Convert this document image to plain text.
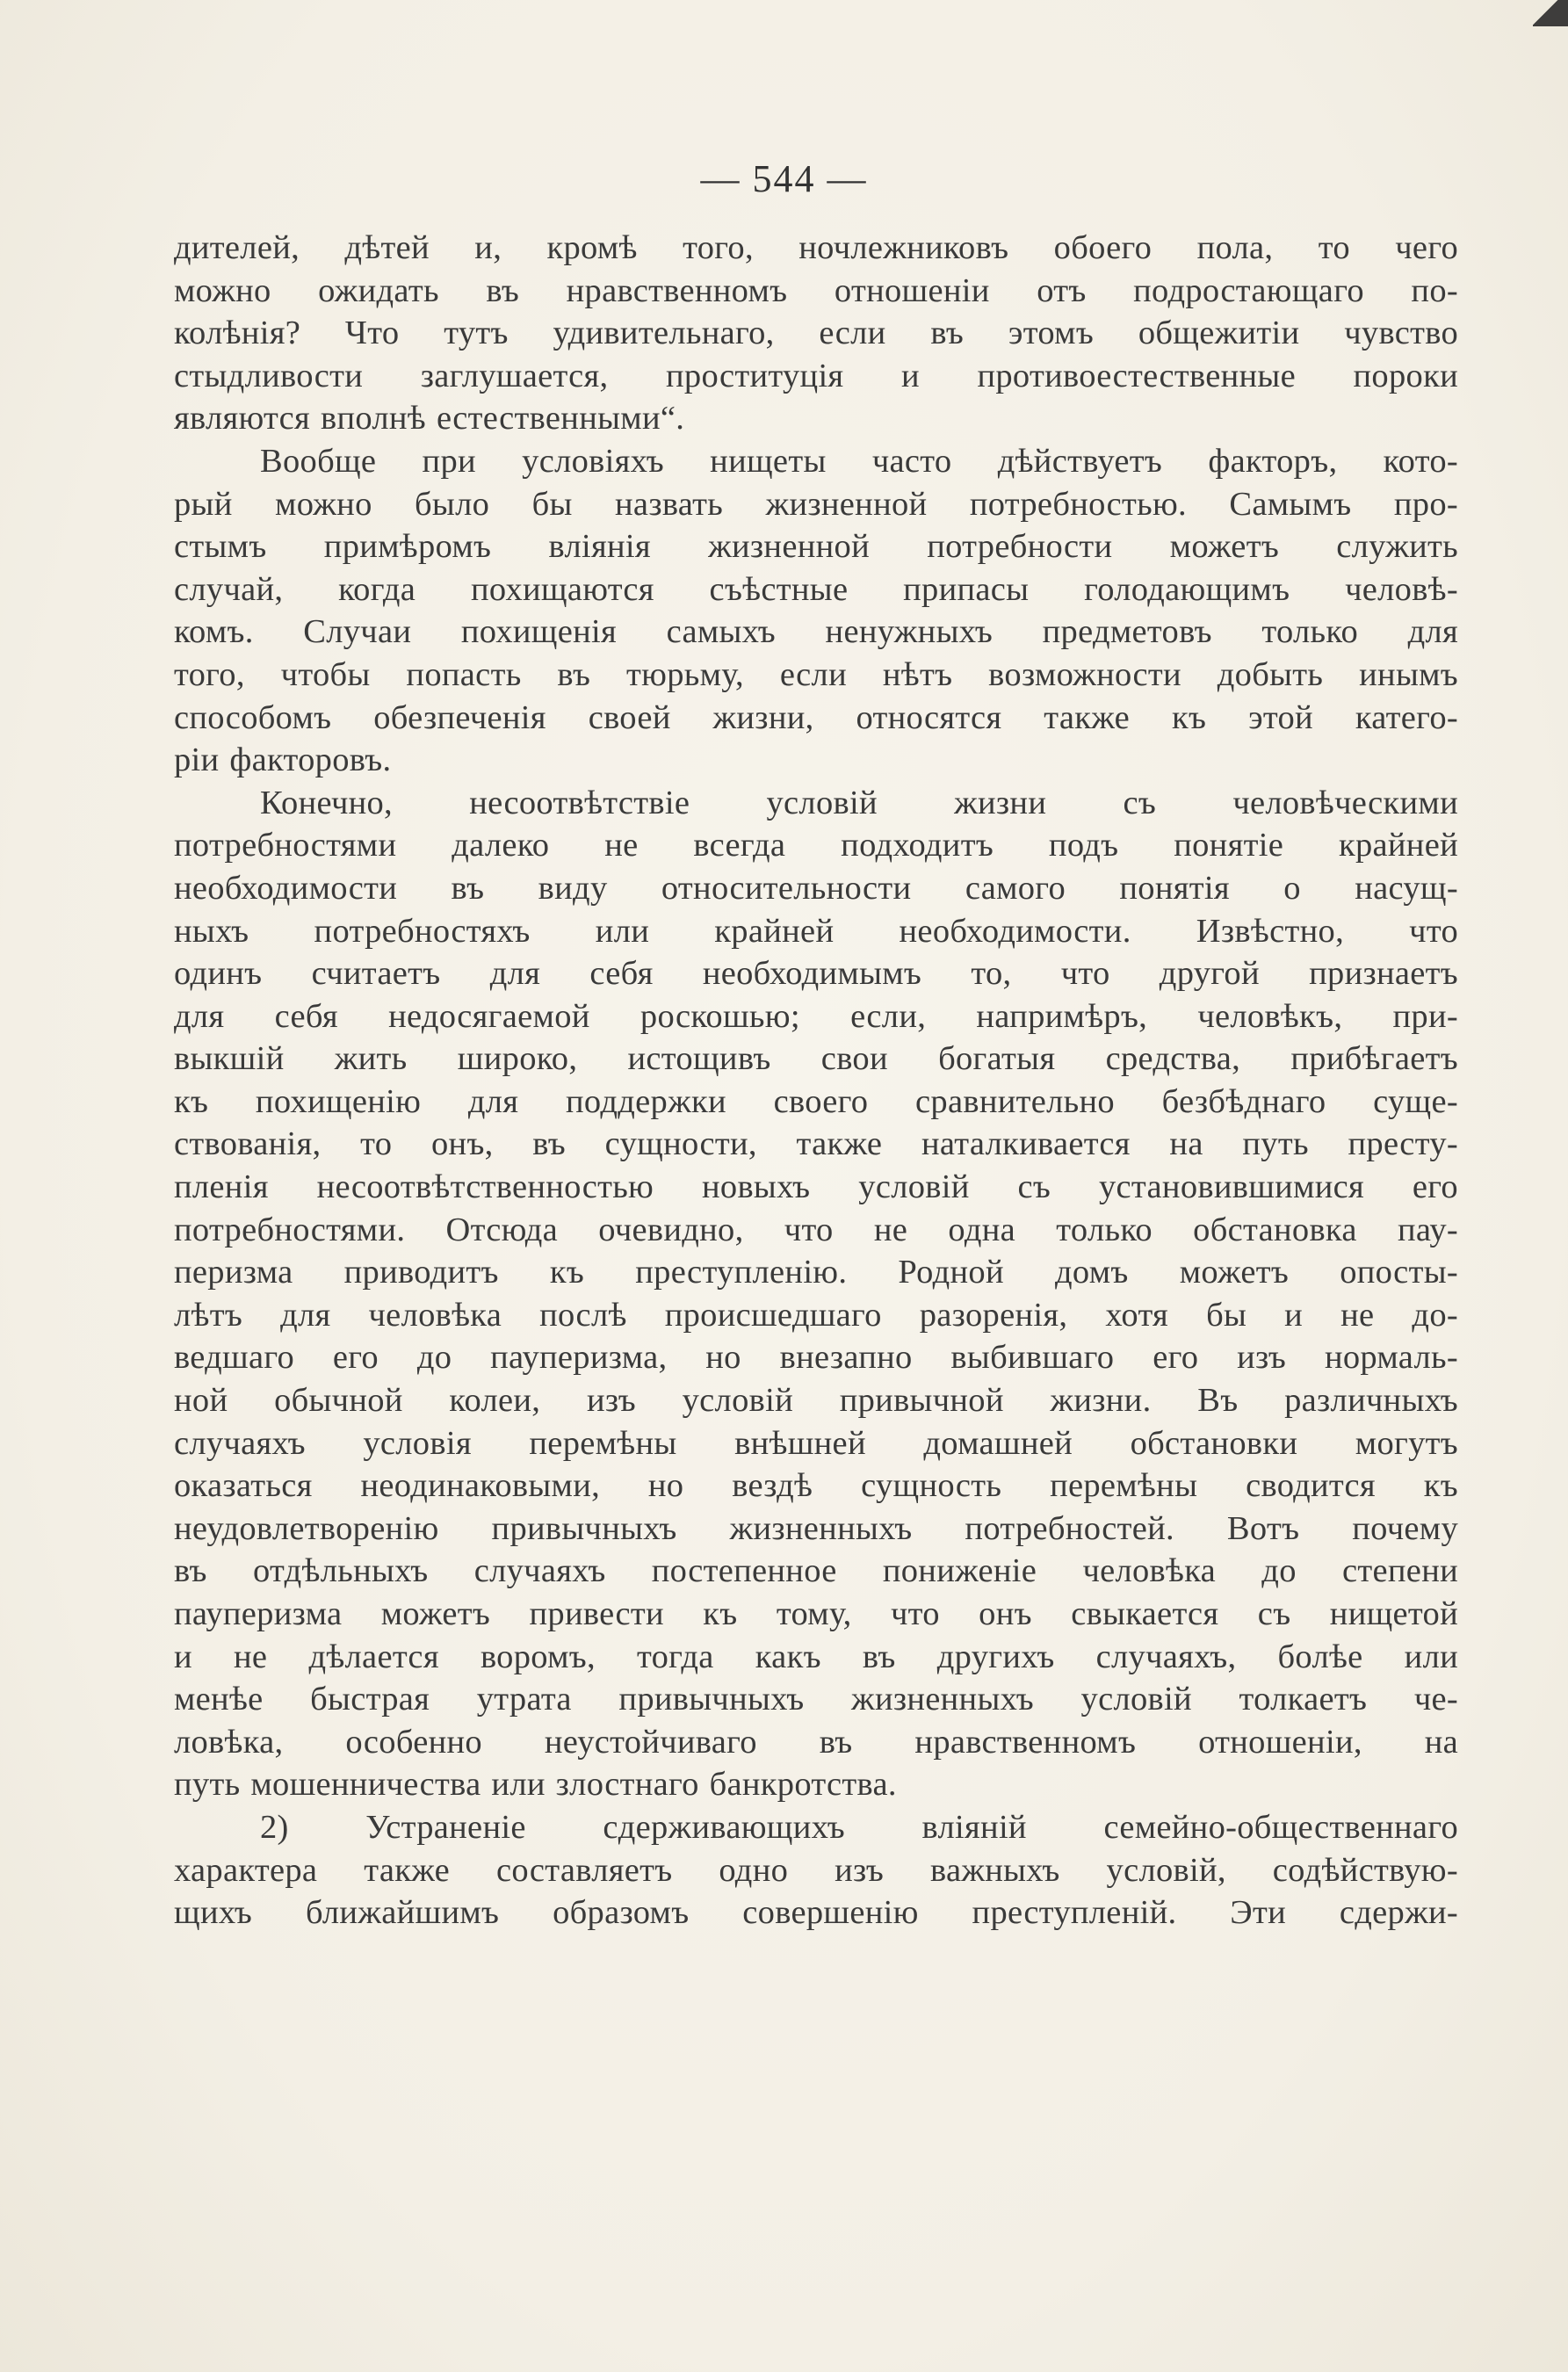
— 544 —
дителей, дѣтей и, кромѣ того, ночлежниковъ обоего пола, то чего
можно ожидать въ нравственномъ отношеніи отъ подростающаго по-
колѣнія? Что тутъ удивительнаго, если въ этомъ общежитіи чувство
стыдливости заглушается, проституція и противоестественные пороки
являются вполнѣ естественными“.
Вообще при условіяхъ нищеты часто дѣйствуетъ факторъ, кото-
рый можно было бы назвать жизненной потребностью. Самымъ про-
стымъ примѣромъ вліянія жизненной потребности можетъ служить
случай, когда похищаются съѣстные припасы голодающимъ человѣ-
комъ. Случаи похищенія самыхъ ненужныхъ предметовъ только для
того, чтобы попасть въ тюрьму, если нѣтъ возможности добыть инымъ
способомъ обезпеченія своей жизни, относятся также къ этой катего-
ріи факторовъ.
Конечно, несоотвѣтствіе условій жизни съ человѣческими
потребностями далеко не всегда подходитъ подъ понятіе крайней
необходимости въ виду относительности самого понятія о насущ-
ныхъ потребностяхъ или крайней необходимости. Извѣстно, что
одинъ считаетъ для себя необходимымъ то, что другой признаетъ
для себя недосягаемой роскошью; если, напримѣръ, человѣкъ, при-
выкшій жить широко, истощивъ свои богатыя средства, прибѣгаетъ
къ похищенію для поддержки своего сравнительно безбѣднаго суще-
ствованія, то онъ, въ сущности, также наталкивается на путь престу-
пленія несоотвѣтственностью новыхъ условій съ установившимися его
потребностями. Отсюда очевидно, что не одна только обстановка пау-
перизма приводитъ къ преступленію. Родной домъ можетъ опосты-
лѣтъ для человѣка послѣ происшедшаго разоренія, хотя бы и не до-
ведшаго его до пауперизма, но внезапно выбившаго его изъ нормаль-
ной обычной колеи, изъ условій привычной жизни. Въ различныхъ
случаяхъ условія перемѣны внѣшней домашней обстановки могутъ
оказаться неодинаковыми, но вездѣ сущность перемѣны сводится къ
неудовлетворенію привычныхъ жизненныхъ потребностей. Вотъ почему
въ отдѣльныхъ случаяхъ постепенное пониженіе человѣка до степени
пауперизма можетъ привести къ тому, что онъ свыкается съ нищетой
и не дѣлается воромъ, тогда какъ въ другихъ случаяхъ, болѣе или
менѣе быстрая утрата привычныхъ жизненныхъ условій толкаетъ че-
ловѣка, особенно неустойчиваго въ нравственномъ отношеніи, на
путь мошенничества или злостнаго банкротства.
2) Устраненіе сдерживающихъ вліяній семейно-общественнаго
характера также составляетъ одно изъ важныхъ условій, содѣйствую-
щихъ ближайшимъ образомъ совершенію преступленій. Эти сдержи-
